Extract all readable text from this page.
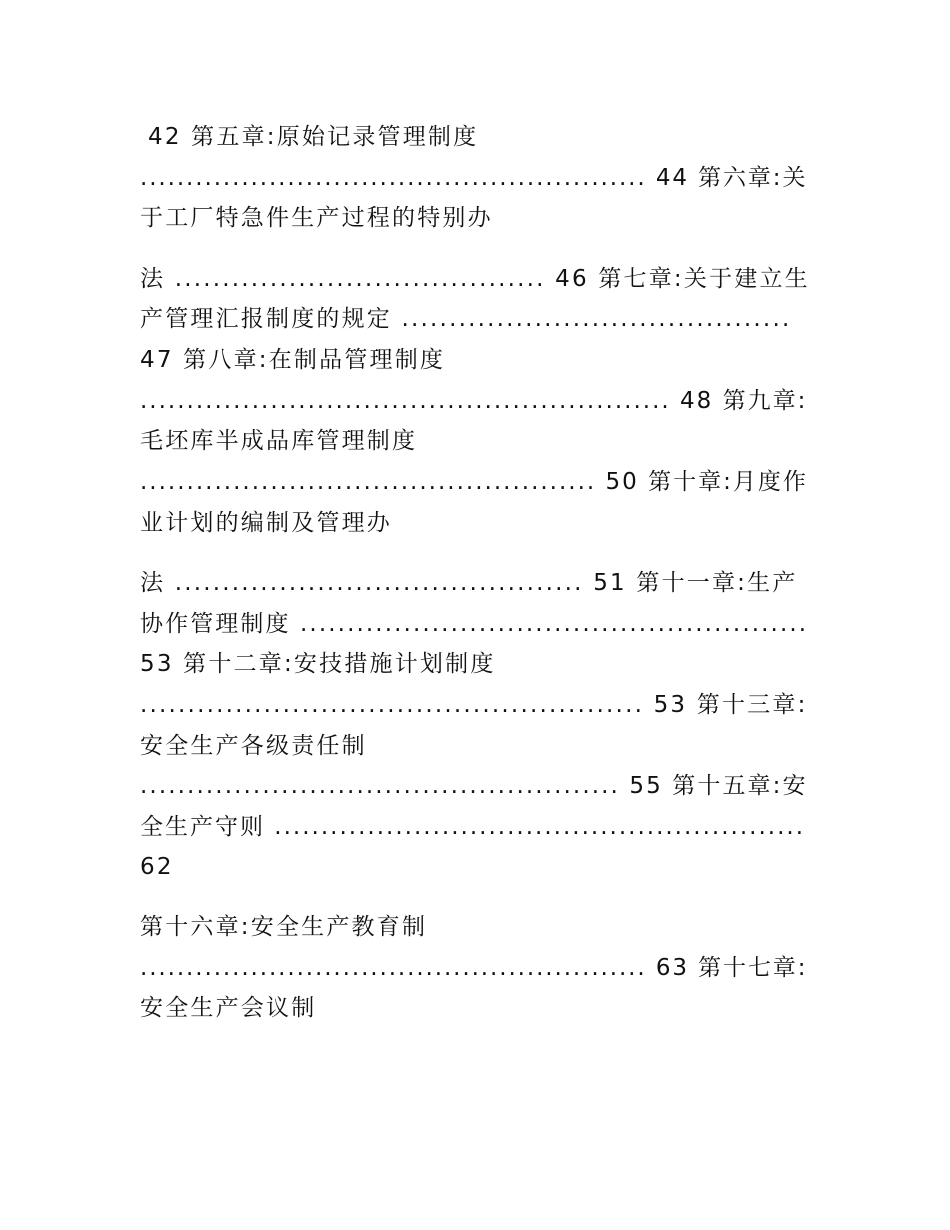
42 第五章:原始记录管理制度
....................................................... 44 第六章:关
于工厂特急件生产过程的特别办
法 ....................................... 46 第七章:关于建立生
产管理汇报制度的规定 .........................................
47 第八章:在制品管理制度
......................................................... 48 第九章:
毛坯库半成品库管理制度
................................................. 50 第十章:月度作
业计划的编制及管理办
法 ........................................... 51 第十一章:生产
协作管理制度 ......................................................
53 第十二章:安技措施计划制度
..................................................... 53 第十三章:
安全生产各级责任制
................................................... 55 第十五章:安
全生产守则 .........................................................
62
第十六章:安全生产教育制
....................................................... 63 第十七章:
安全生产会议制
